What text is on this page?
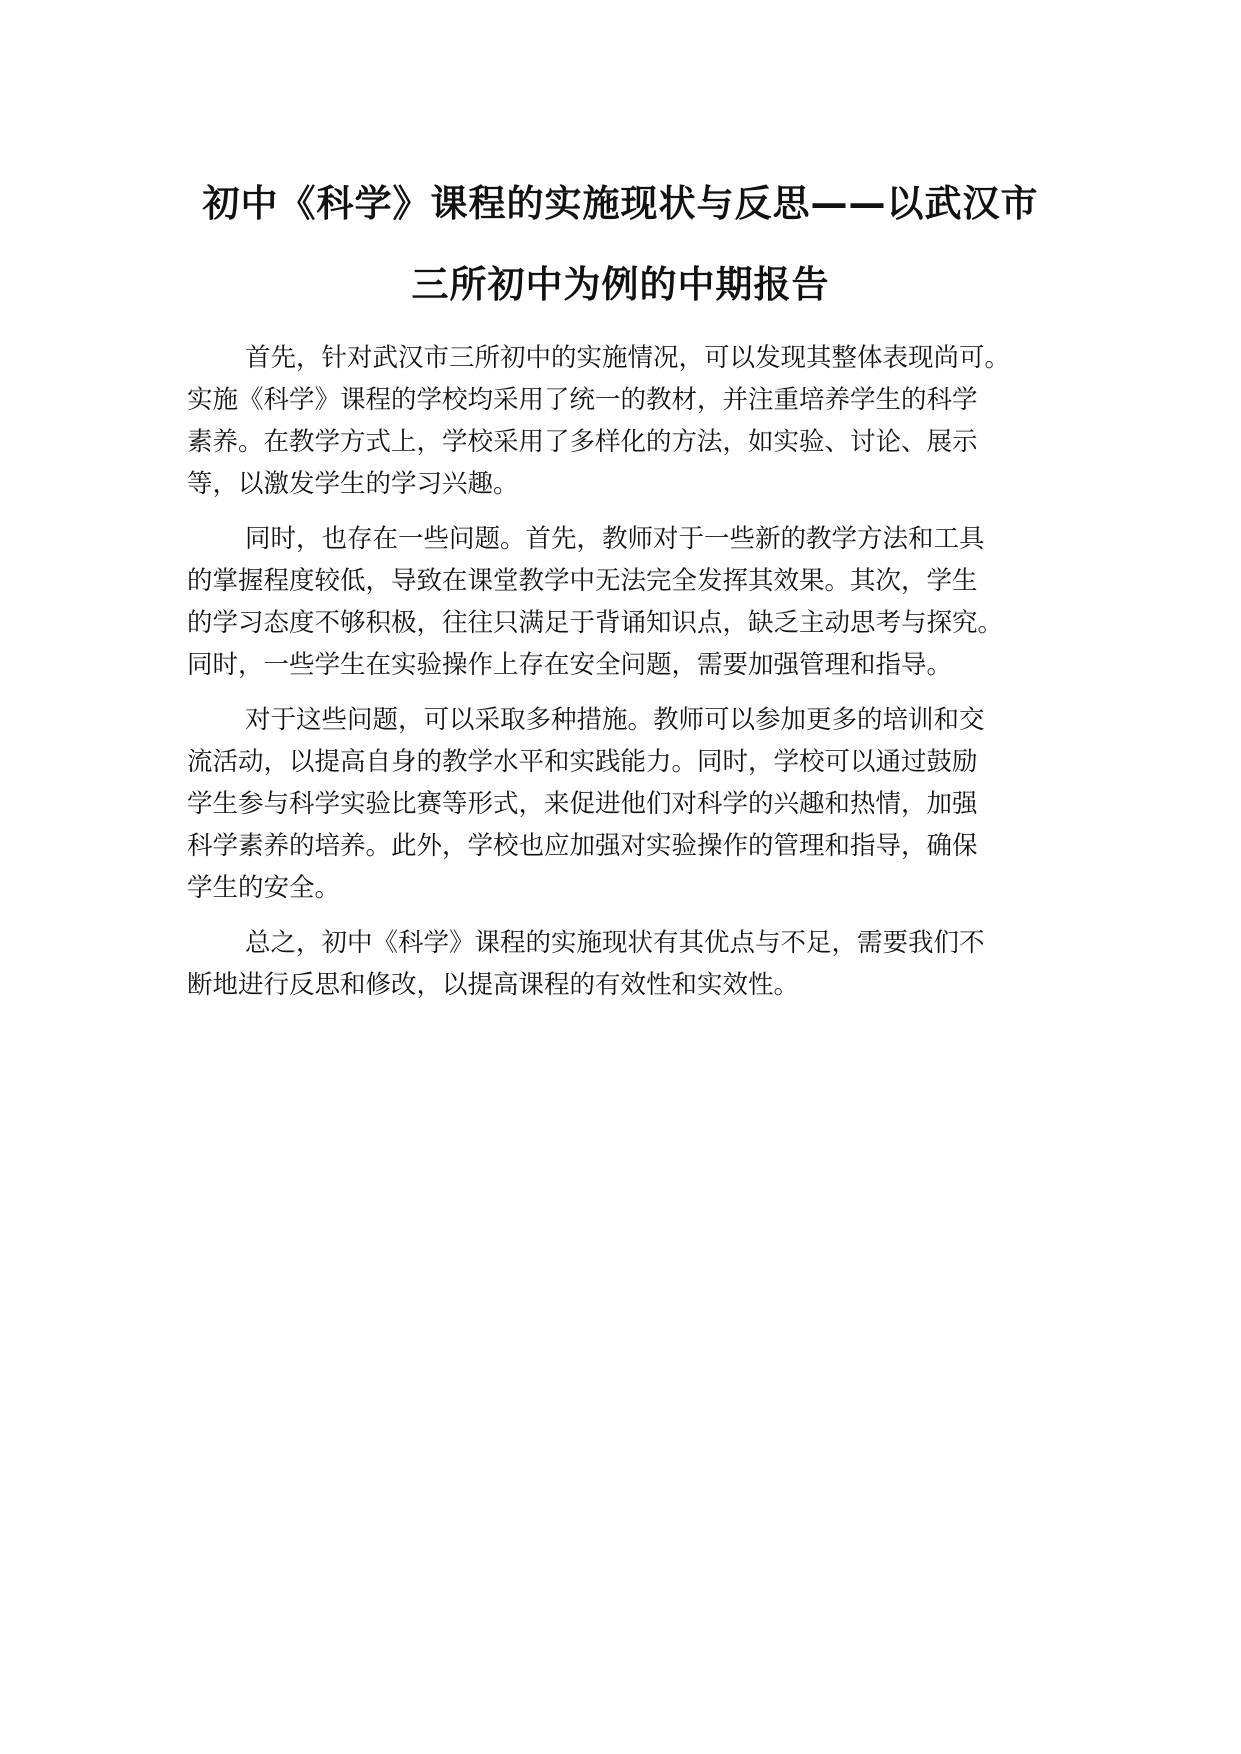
初中《科学》课程的实施现状与反思——以武汉市
三所初中为例的中期报告
首先，针对武汉市三所初中的实施情况，可以发现其整体表现尚可。
实施《科学》课程的学校均采用了统一的教材，并注重培养学生的科学
素养。在教学方式上，学校采用了多样化的方法，如实验、讨论、展示
等，以激发学生的学习兴趣。
同时，也存在一些问题。首先，教师对于一些新的教学方法和工具
的掌握程度较低，导致在课堂教学中无法完全发挥其效果。其次，学生
的学习态度不够积极，往往只满足于背诵知识点，缺乏主动思考与探究。
同时，一些学生在实验操作上存在安全问题，需要加强管理和指导。
对于这些问题，可以采取多种措施。教师可以参加更多的培训和交
流活动，以提高自身的教学水平和实践能力。同时，学校可以通过鼓励
学生参与科学实验比赛等形式，来促进他们对科学的兴趣和热情，加强
科学素养的培养。此外，学校也应加强对实验操作的管理和指导，确保
学生的安全。
总之，初中《科学》课程的实施现状有其优点与不足，需要我们不
断地进行反思和修改，以提高课程的有效性和实效性。
